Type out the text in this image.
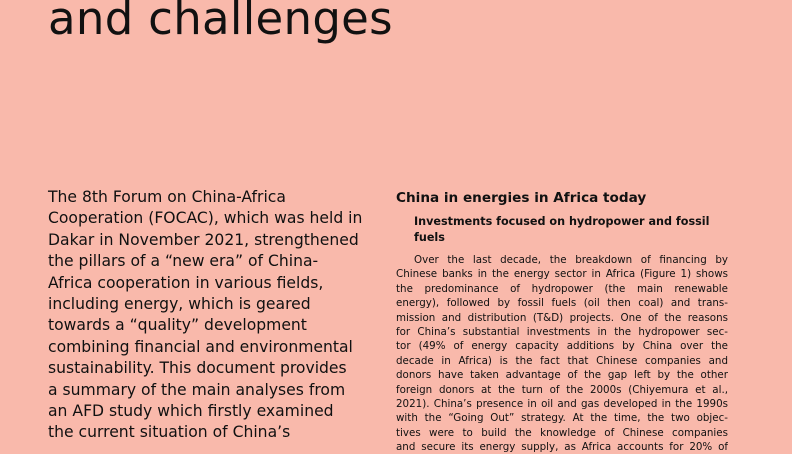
and challenges
The 8th Forum on China-Africa
Cooperation (FOCAC), which was held in
Dakar in November 2021, strengthened
the pillars of a “new era” of China-
Africa cooperation in various fields,
including energy, which is geared
towards a “quality” development
combining financial and environmental
sustainability. This document provides
a summary of the main analyses from
an AFD study which firstly examined
the current situation of China’s
China in energies in Africa today
Investments focused on hydropower and fossil
fuels
Over the last decade, the breakdown of financing by
Chinese banks in the energy sector in Africa (Figure 1) shows
the predominance of hydropower (the main renewable
energy), followed by fossil fuels (oil then coal) and trans-
mission and distribution (T&D) projects. One of the reasons
for China’s substantial investments in the hydropower sec-
tor (49% of energy capacity additions by China over the
decade in Africa) is the fact that Chinese companies and
donors have taken advantage of the gap left by the other
foreign donors at the turn of the 2000s (Chiyemura et al.,
2021). China’s presence in oil and gas developed in the 1990s
with the “Going Out” strategy. At the time, the two objec-
tives were to build the knowledge of Chinese companies
and secure its energy supply, as Africa accounts for 20% of
